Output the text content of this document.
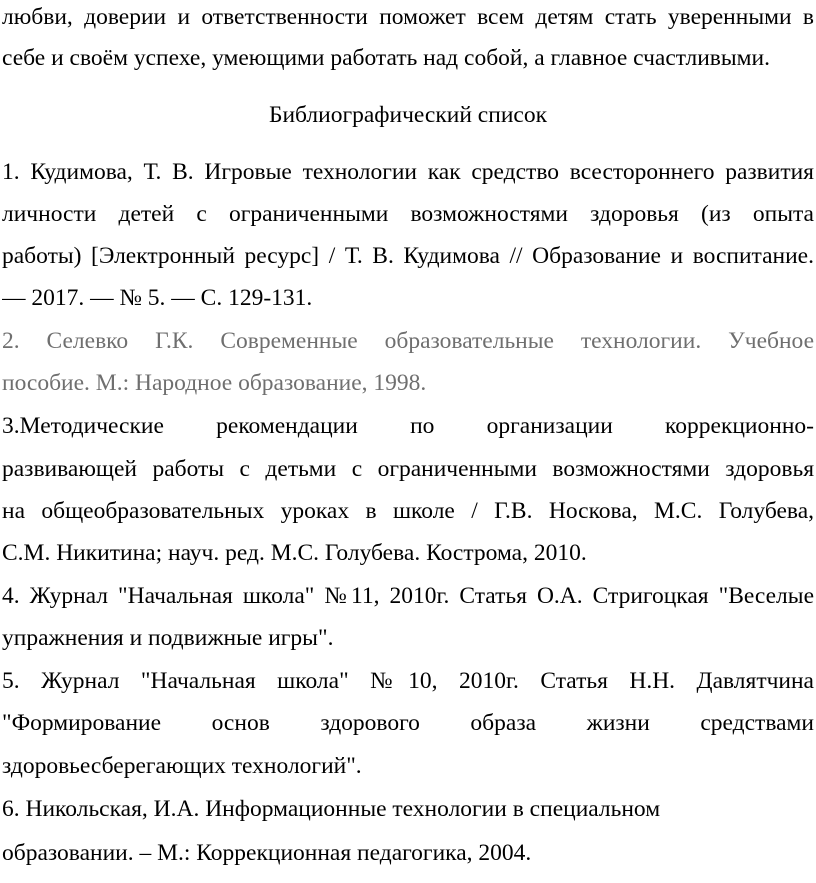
любви, доверии и ответственности поможет всем детям стать уверенными в
себе и своём успехе, умеющими работать над собой, а главное счастливыми.
Библиографический список
1. Кудимова, Т. В. Игровые технологии как средство всестороннего развития
личности детей с ограниченными возможностями здоровья (из опыта
работы) [Электронный ресурс] / Т. В. Кудимова // Образование и воспитание.
— 2017. — № 5. — С. 129-131.
2. Селевко Г.К. Современные образовательные технологии. Учебное
пособие. М.: Народное образование, 1998.
3.Методические рекомендации по организации коррекционно-
развивающей работы с детьми с ограниченными возможностями здоровья
на общеобразовательных уроках в школе / Г.В. Носкова, М.С. Голубева,
С.М. Никитина; науч. ред. М.С. Голубева. Кострома, 2010.
4. Журнал "Начальная школа" №11, 2010г. Статья О.А. Стригоцкая "Веселые
упражнения и подвижные игры".
5. Журнал "Начальная школа" №10, 2010г. Статья Н.Н. Давлятчина
"Формирование основ здорового образа жизни средствами
здоровьесберегающих технологий".
6. Никольская, И.А. Информационные технологии в специальном
образовании. – М.: Коррекционная педагогика, 2004.
